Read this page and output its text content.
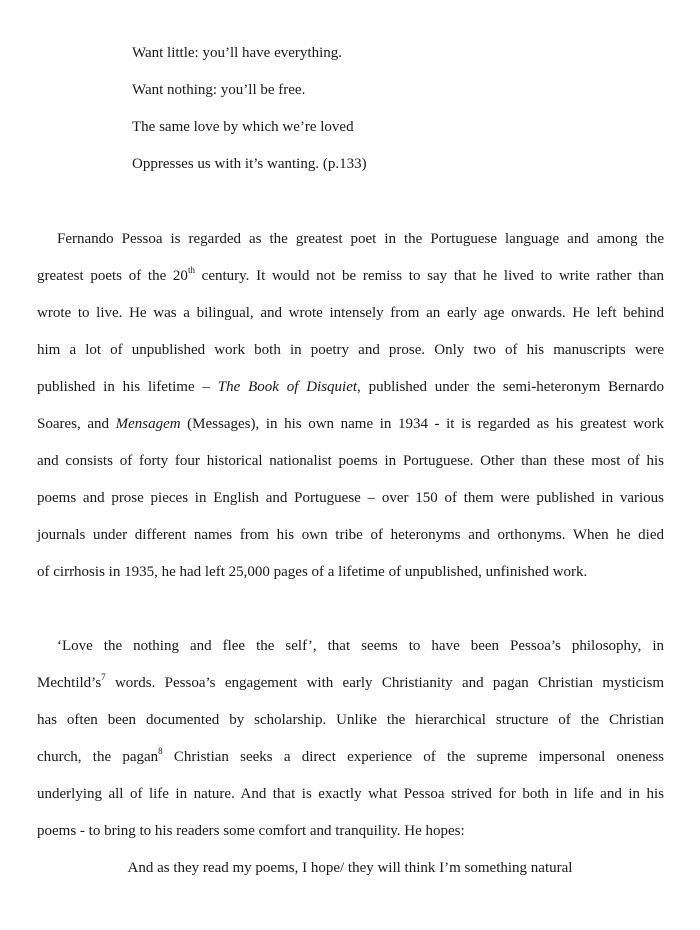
Want little: you’ll have everything.
Want nothing: you’ll be free.
The same love by which we’re loved
Oppresses us with it’s wanting. (p.133)
Fernando Pessoa is regarded as the greatest poet in the Portuguese language and among the
greatest poets of the 20th century. It would not be remiss to say that he lived to write rather than
wrote to live. He was a bilingual, and wrote intensely from an early age onwards. He left behind
him a lot of unpublished work both in poetry and prose. Only two of his manuscripts were
published in his lifetime – The Book of Disquiet, published under the semi-heteronym Bernardo
Soares, and Mensagem (Messages), in his own name in 1934 - it is regarded as his greatest work
and consists of forty four historical nationalist poems in Portuguese. Other than these most of his
poems and prose pieces in English and Portuguese – over 150 of them were published in various
journals under different names from his own tribe of heteronyms and orthonyms. When he died
of cirrhosis in 1935, he had left 25,000 pages of a lifetime of unpublished, unfinished work.
‘Love the nothing and flee the self’, that seems to have been Pessoa’s philosophy, in
$Mechtild’s^7$ words. Pessoa’s engagement with early Christianity and pagan Christian mysticism
has often been documented by scholarship. Unlike the hierarchical structure of the Christian
church, the pagan$^8$ Christian seeks a direct experience of the supreme impersonal oneness
underlying all of life in nature. And that is exactly what Pessoa strived for both in life and in his
poems - to bring to his readers some comfort and tranquility. He hopes:
And as they read my poems, I hope/ they will think I’m something natural
